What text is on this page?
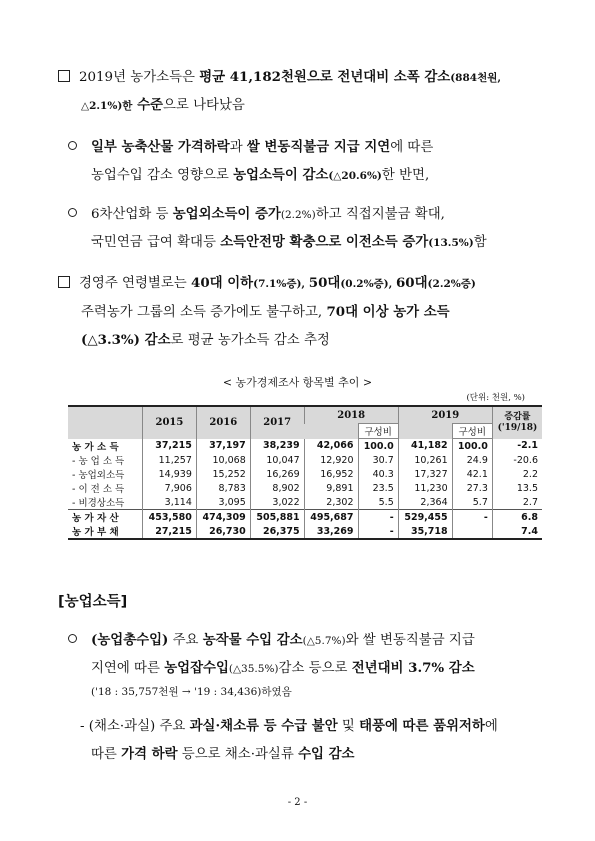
2019년 농가소득은 평균 41,182천원으로 전년대비 소폭 감소(884천원,
△2.1%)한 수준으로 나타났음
일부 농축산물 가격하락과 쌀 변동직불금 지급 지연에 따른
농업수입 감소 영향으로 농업소득이 감소(△20.6%)한 반면,
6차산업화 등 농업외소득이 증가(2.2%)하고 직접지불금 확대,
국민연금 급여 확대등 소득안전망 확충으로 이전소득 증가(13.5%)함
경영주 연령별로는 40대 이하(7.1%증), 50대(0.2%증), 60대(2.2%증)
주력농가 그룹의 소득 증가에도 불구하고, 70대 이상 농가 소득
(△3.3%) 감소로 평균 농가소득 감소 추정
< 농가경제조사 항목별 추이 >
(단위: 천원, %)
	2015	2016	2017	2018		2019		증감률
('19/18)
					구성비		구성비	
농 가 소 득	37,215	37,197	38,239	42,066	100.0	41,182	100.0	-2.1
- 농 업 소 득	11,257	10,068	10,047	12,920	30.7	10,261	24.9	-20.6
- 농업외소득	14,939	15,252	16,269	16,952	40.3	17,327	42.1	2.2
- 이 전 소 득	7,906	8,783	8,902	9,891	23.5	11,230	27.3	13.5
- 비경상소득	3,114	3,095	3,022	2,302	5.5	2,364	5.7	2.7
농 가 자 산	453,580	474,309	505,881	495,687	-	529,455	-	6.8
농 가 부 채	27,215	26,730	26,375	33,269	-	35,718		7.4
[농업소득]
(농업총수입) 주요 농작물 수입 감소(△5.7%)와 쌀 변동직불금 지급
지연에 따른 농업잡수입(△35.5%)감소 등으로 전년대비 3.7% 감소
('18 : 35,757천원 → '19 : 34,436)하였음
- (채소·과실) 주요 과실·채소류 등 수급 불안 및 태풍에 따른 품위저하에
따른 가격 하락 등으로 채소·과실류 수입 감소
- 2 -
